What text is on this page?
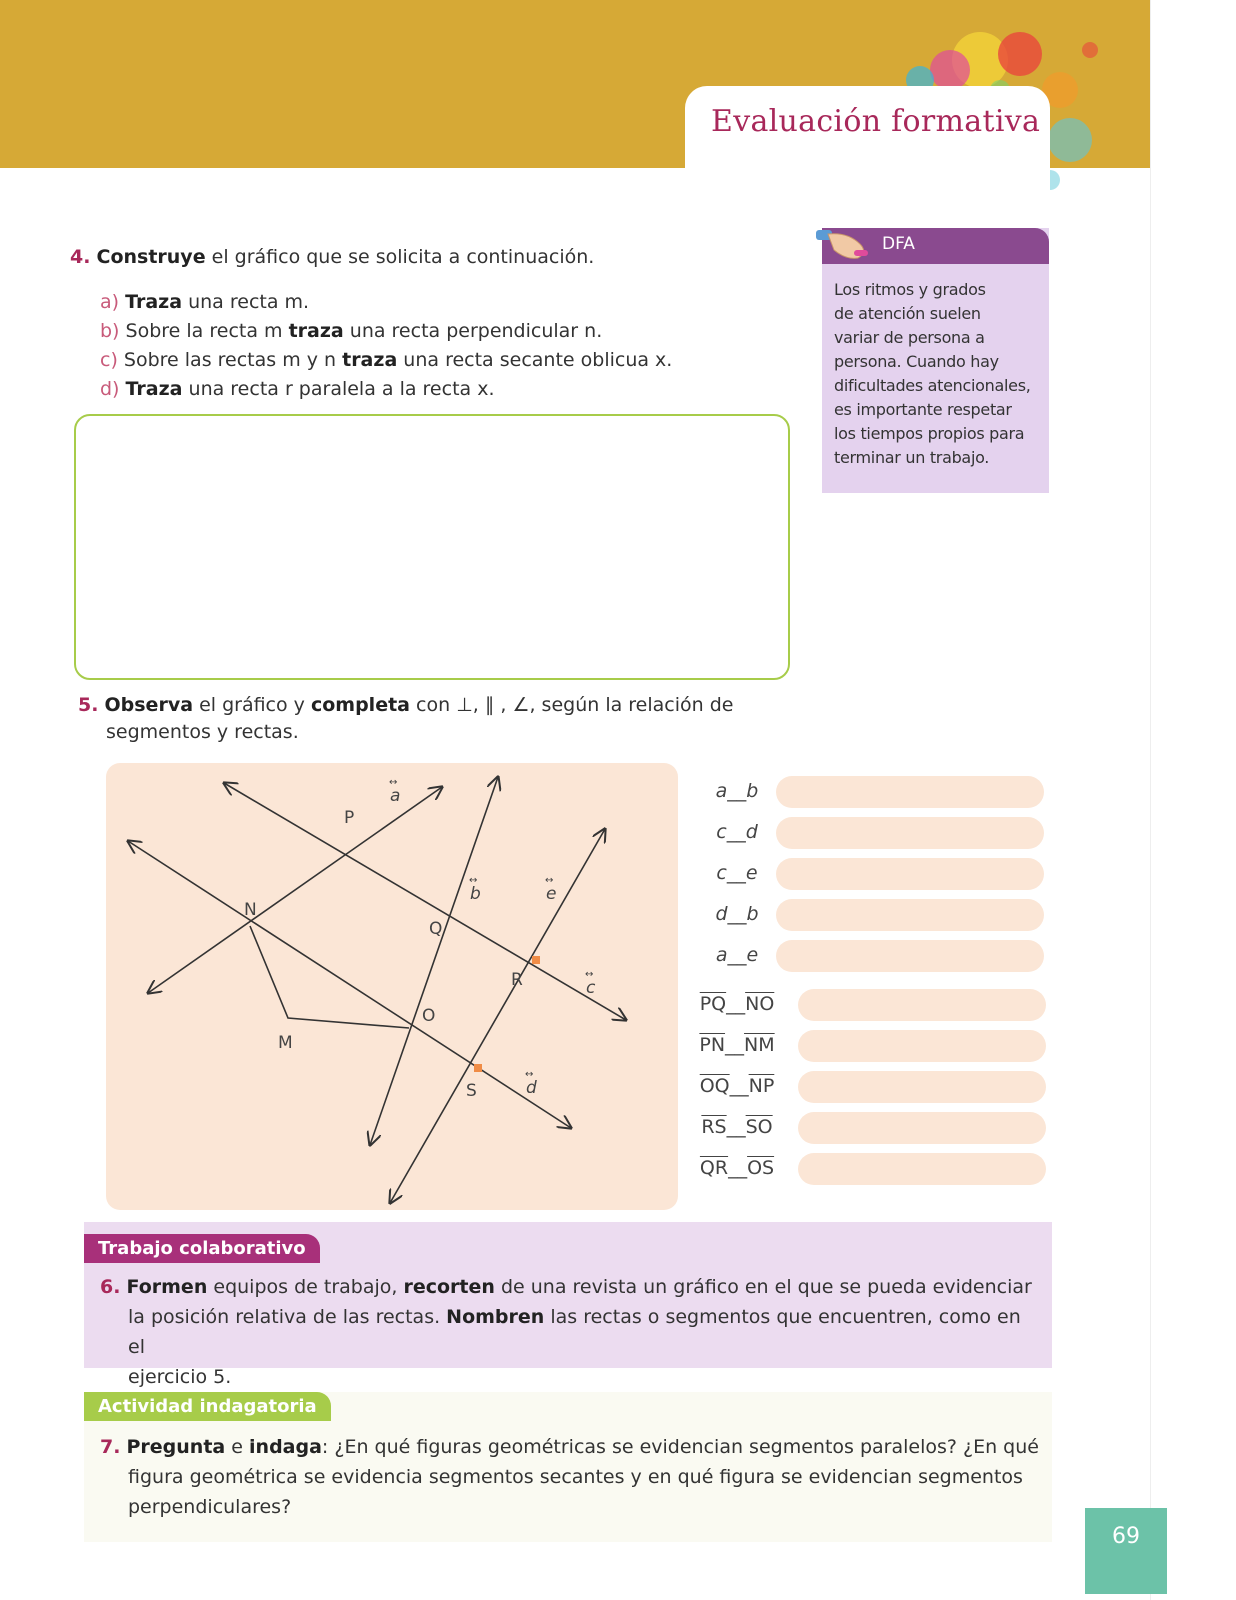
Evaluación formativa
4. Construye el gráfico que se solicita a continuación.
a) Traza una recta m.
b) Sobre la recta m traza una recta perpendicular n.
c) Sobre las rectas m y n traza una recta secante oblicua x.
d) Traza una recta r paralela a la recta x.
DFA
Los ritmos y grados
de atención suelen
variar de persona a
persona. Cuando hay
dificultades atencionales,
es importante respetar
los tiempos propios para
terminar un trabajo.
5. Observa el gráfico y completa con ⊥, ∥ , ∠, según la relación de
segmentos y rectas.
P
N
Q
R
O
M
S
a
b	e
c
d
↔
↔	↔
↔
↔
a__b
c__d
c__e
d__b
a__e
$\overline{PQ}\_\_\overline{NO}$
$\overline{PN}\_\_\overline{NM}$
$\overline{OQ}\_\_\overline{NP}$
$\overline{RS}\_\_\overline{SO}$
$\overline{QR}\_\_\overline{OS}$
Trabajo colaborativo
6. Formen equipos de trabajo, recorten de una revista un gráfico en el que se pueda evidenciar
la posición relativa de las rectas. Nombren las rectas o segmentos que encuentren, como en el
ejercicio 5.
Actividad indagatoria
7. Pregunta e indaga: ¿En qué figuras geométricas se evidencian segmentos paralelos? ¿En qué
figura geométrica se evidencia segmentos secantes y en qué figura se evidencian segmentos
perpendiculares?
69
